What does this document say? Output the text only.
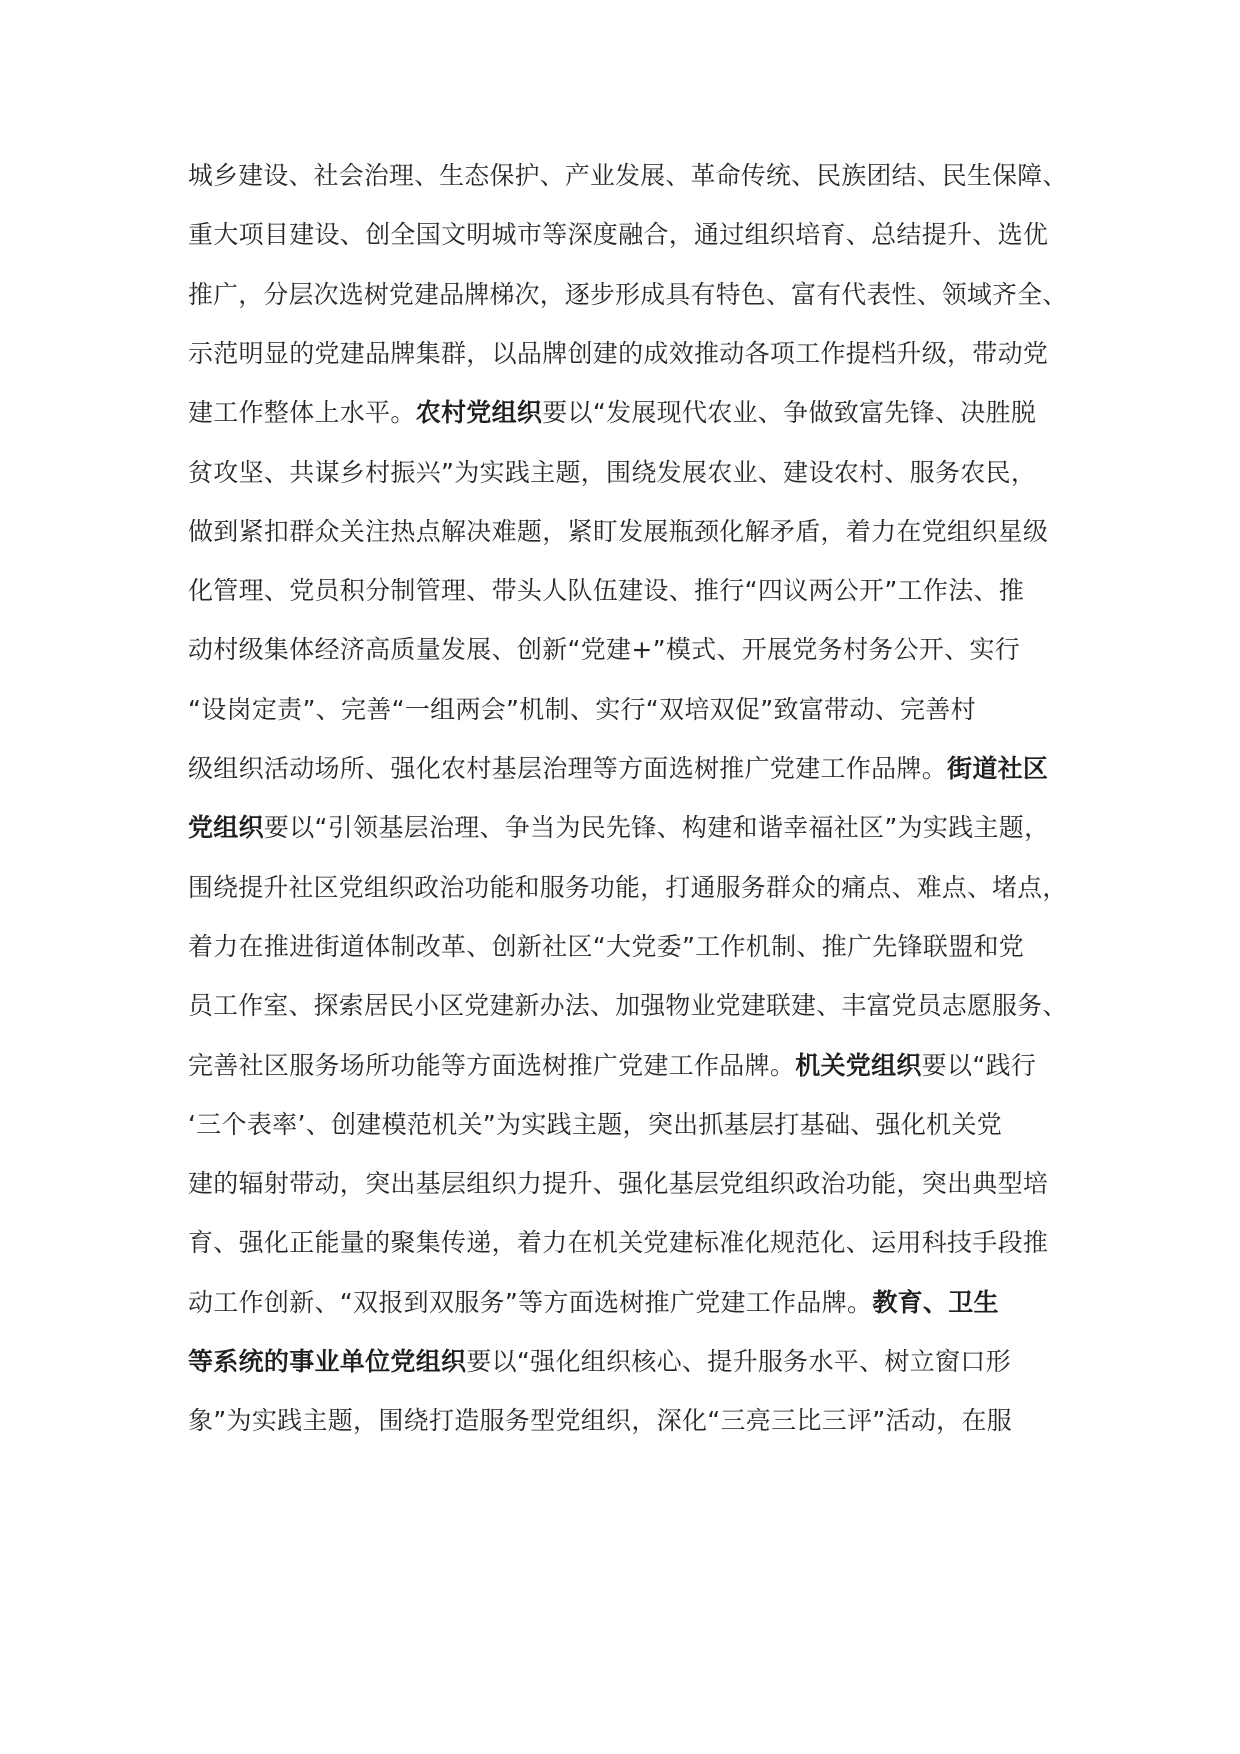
城乡建设、社会治理、生态保护、产业发展、革命传统、民族团结、民生保障、
重大项目建设、创全国文明城市等深度融合，通过组织培育、总结提升、选优
推广，分层次选树党建品牌梯次，逐步形成具有特色、富有代表性、领域齐全、
示范明显的党建品牌集群，以品牌创建的成效推动各项工作提档升级，带动党
建工作整体上水平。农村党组织要以“发展现代农业、争做致富先锋、决胜脱
贫攻坚、共谋乡村振兴”为实践主题，围绕发展农业、建设农村、服务农民，
做到紧扣群众关注热点解决难题，紧盯发展瓶颈化解矛盾，着力在党组织星级
化管理、党员积分制管理、带头人队伍建设、推行“四议两公开”工作法、推
动村级集体经济高质量发展、创新“党建+”模式、开展党务村务公开、实行
“设岗定责”、完善“一组两会”机制、实行“双培双促”致富带动、完善村
级组织活动场所、强化农村基层治理等方面选树推广党建工作品牌。街道社区
党组织要以“引领基层治理、争当为民先锋、构建和谐幸福社区”为实践主题，
围绕提升社区党组织政治功能和服务功能，打通服务群众的痛点、难点、堵点，
着力在推进街道体制改革、创新社区“大党委”工作机制、推广先锋联盟和党
员工作室、探索居民小区党建新办法、加强物业党建联建、丰富党员志愿服务、
完善社区服务场所功能等方面选树推广党建工作品牌。机关党组织要以“践行
‘三个表率’、创建模范机关”为实践主题，突出抓基层打基础、强化机关党
建的辐射带动，突出基层组织力提升、强化基层党组织政治功能，突出典型培
育、强化正能量的聚集传递，着力在机关党建标准化规范化、运用科技手段推
动工作创新、“双报到双服务”等方面选树推广党建工作品牌。教育、卫生
等系统的事业单位党组织要以“强化组织核心、提升服务水平、树立窗口形
象”为实践主题，围绕打造服务型党组织，深化“三亮三比三评”活动，在服
